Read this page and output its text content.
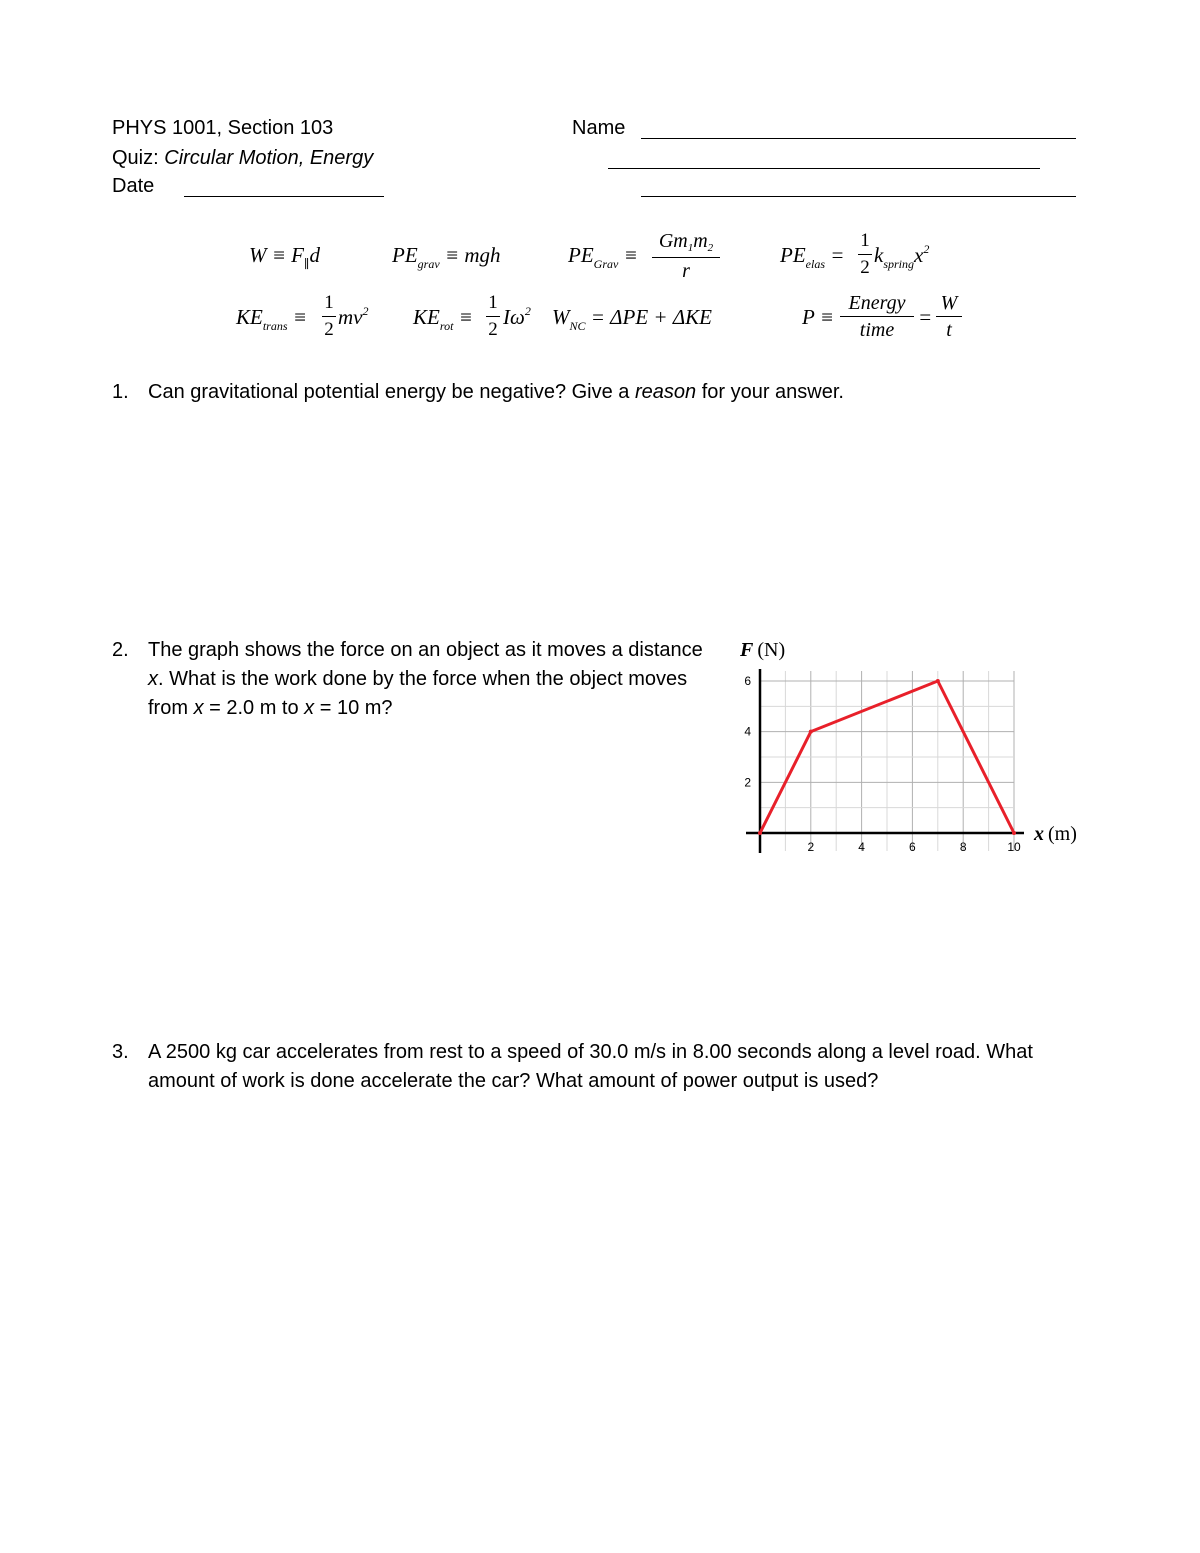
PHYS 1001, Section 103
Quiz: Circular Motion, Energy
Date
Name
$W \equiv F_\parallel d$	$PE_{grav}$ ≡ mgh	$PE_{Grav} \equiv \frac{Gm_1m_2}{r}$	$PE_{elas} = \frac{1}{2} k_{spring}x^2$
$KE_{trans} \equiv \frac{1}{2} mv^2$ $KE_{rot} \equiv \frac{1}{2} I\omega^2$ $W_{NC} = \Delta PE + \Delta KE$	P ≡
Energy
time
= $\frac{W}{t}$
1. Can gravitational potential energy be negative? Give a reason for your answer.
2. The graph shows the force on an object as it moves a distance x. What is the work done by the force when the object moves from x = 2.0 m to x = 10 m?
F (N)
x (m)
2	4	6	8	10
2
4
6
3. A 2500 kg car accelerates from rest to a speed of 30.0 m/s in 8.00 seconds along a level road. What amount of work is done accelerate the car? What amount of power output is used?
